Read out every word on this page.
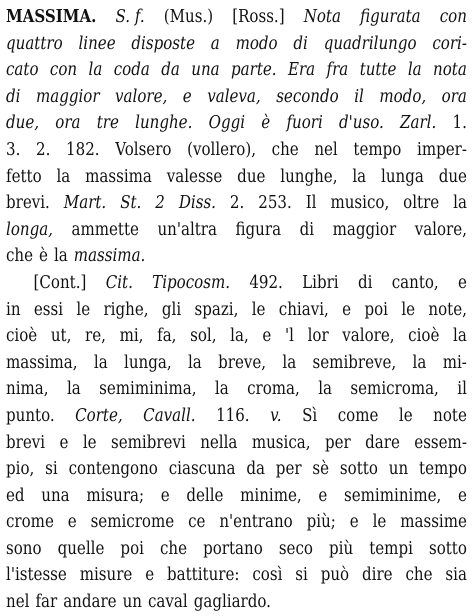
MASSIMA. S. f. (Mus.) [Ross.] Nota figurata con
quattro linee disposte a modo di quadrilungo cori-
cato con la coda da una parte. Era fra tutte la nota
di maggior valore, e valeva, secondo il modo, ora
due, ora tre lunghe. Oggi è fuori d'uso. Zarl. 1.
3. 2. 182. Volsero (vollero), che nel tempo imper-
fetto la massima valesse due lunghe, la lunga due
brevi. Mart. St. 2 Diss. 2. 253. Il musico, oltre la
longa, ammette un'altra figura di maggior valore,
che è la massima.
[Cont.] Cit. Tipocosm. 492. Libri di canto, e
in essi le righe, gli spazi, le chiavi, e poi le note,
cioè ut, re, mi, fa, sol, la, e 'l lor valore, cioè la
massima, la lunga, la breve, la semibreve, la mi-
nima, la semiminima, la croma, la semicroma, il
punto. Corte, Cavall. 116. v. Sì come le note
brevi e le semibrevi nella musica, per dare essem-
pio, si contengono ciascuna da per sè sotto un tempo
ed una misura; e delle minime, e semiminime, e
crome e semicrome ce n'entrano più; e le massime
sono quelle poi che portano seco più tempi sotto
l'istesse misure e battiture: così si può dire che sia
nel far andare un caval gagliardo.
